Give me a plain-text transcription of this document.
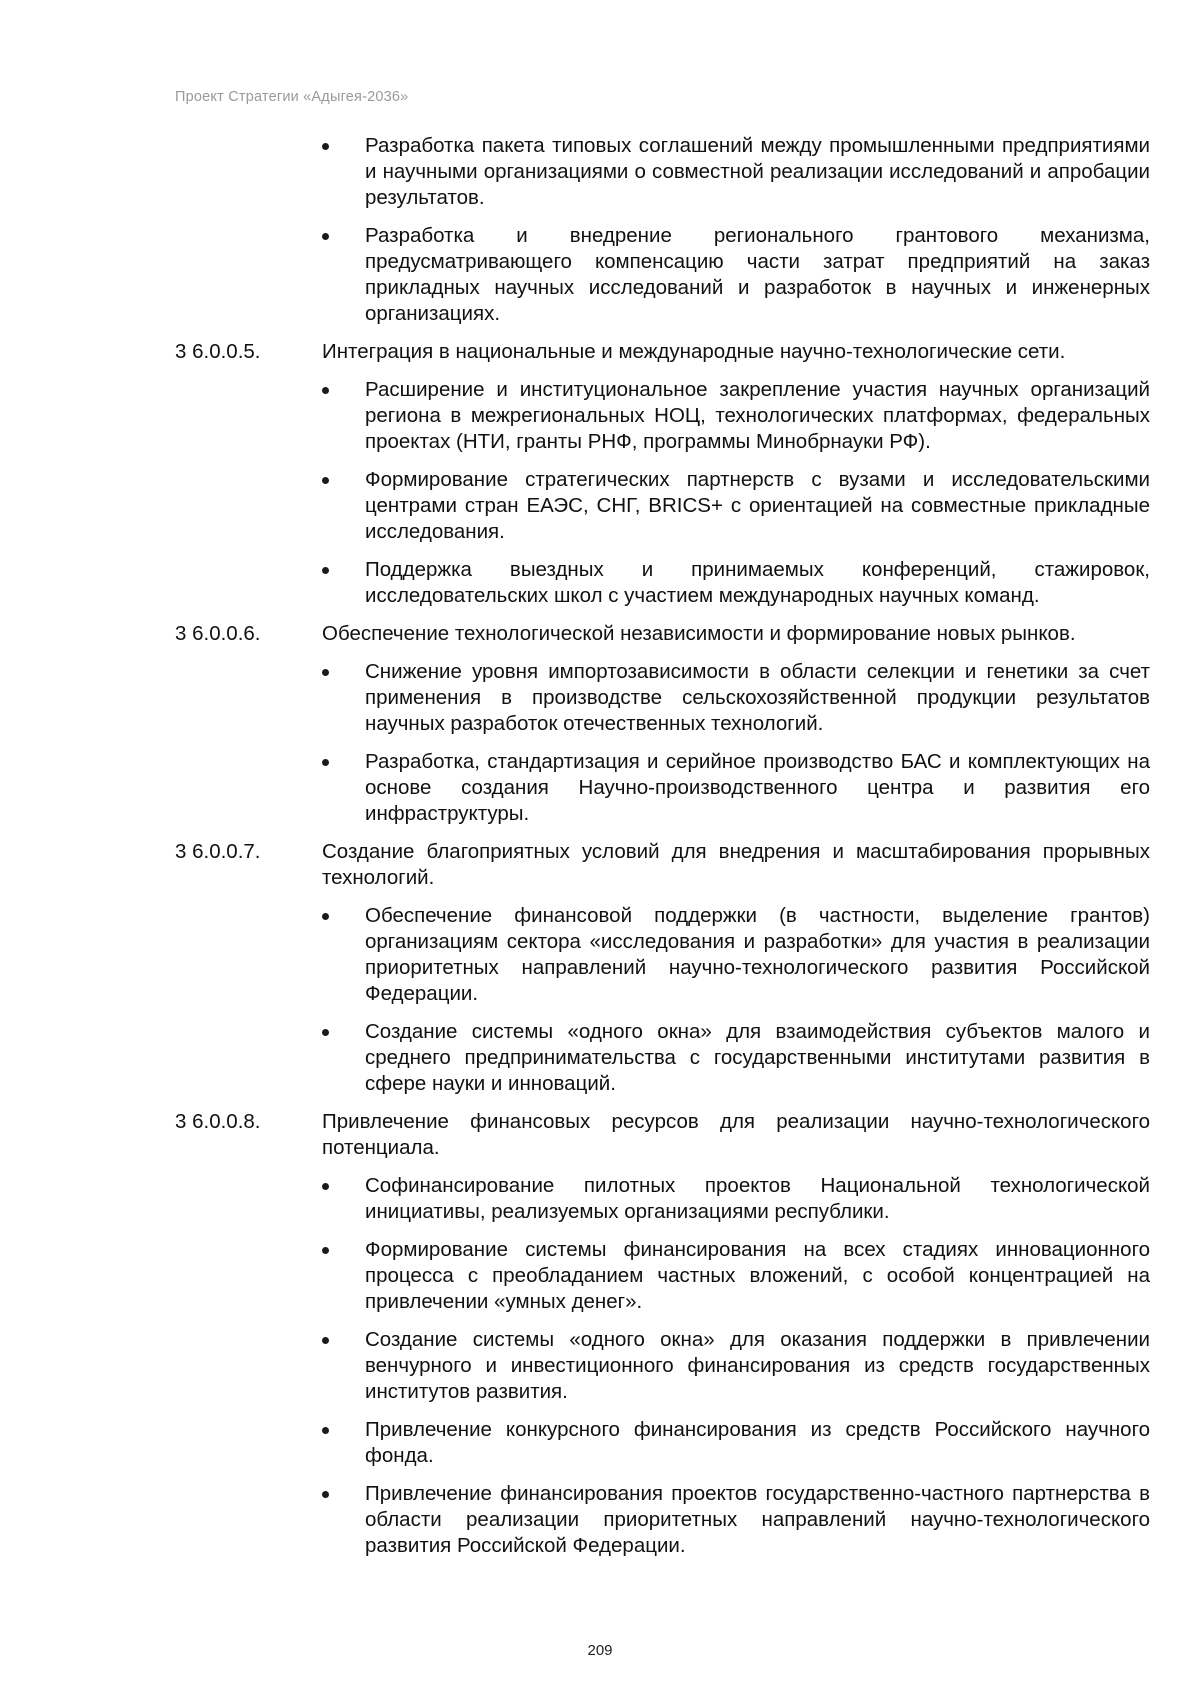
Проект Стратегии «Адыгея-2036»
Разработка пакета типовых соглашений между промышленными предприятиями и научными организациями о совместной реализации исследований и апробации результатов.
Разработка и внедрение регионального грантового механизма, предусматривающего компенсацию части затрат предприятий на заказ прикладных научных исследований и разработок в научных и инженерных организациях.
3 6.0.0.5.	Интеграция в национальные и международные научно-технологические сети.
Расширение и институциональное закрепление участия научных организаций региона в межрегиональных НОЦ, технологических платформах, федеральных проектах (НТИ, гранты РНФ, программы Минобрнауки РФ).
Формирование стратегических партнерств с вузами и исследовательскими центрами стран ЕАЭС, СНГ, BRICS+ с ориентацией на совместные прикладные исследования.
Поддержка выездных и принимаемых конференций, стажировок, исследовательских школ с участием международных научных команд.
3 6.0.0.6.	Обеспечение технологической независимости и формирование новых рынков.
Снижение уровня импортозависимости в области селекции и генетики за счет применения в производстве сельскохозяйственной продукции результатов научных разработок отечественных технологий.
Разработка, стандартизация и серийное производство БАС и комплектующих на основе создания Научно-производственного центра и развития его инфраструктуры.
3 6.0.0.7.	Создание благоприятных условий для внедрения и масштабирования прорывных технологий.
Обеспечение финансовой поддержки (в частности, выделение грантов) организациям сектора «исследования и разработки» для участия в реализации приоритетных направлений научно-технологического развития Российской Федерации.
Создание системы «одного окна» для взаимодействия субъектов малого и среднего предпринимательства с государственными институтами развития в сфере науки и инноваций.
3 6.0.0.8.	Привлечение финансовых ресурсов для реализации научно-технологического потенциала.
Софинансирование пилотных проектов Национальной технологической инициативы, реализуемых организациями республики.
Формирование системы финансирования на всех стадиях инновационного процесса с преобладанием частных вложений, с особой концентрацией на привлечении «умных денег».
Создание системы «одного окна» для оказания поддержки в привлечении венчурного и инвестиционного финансирования из средств государственных институтов развития.
Привлечение конкурсного финансирования из средств Российского научного фонда.
Привлечение финансирования проектов государственно-частного партнерства в области реализации приоритетных направлений научно-технологического развития Российской Федерации.
209
